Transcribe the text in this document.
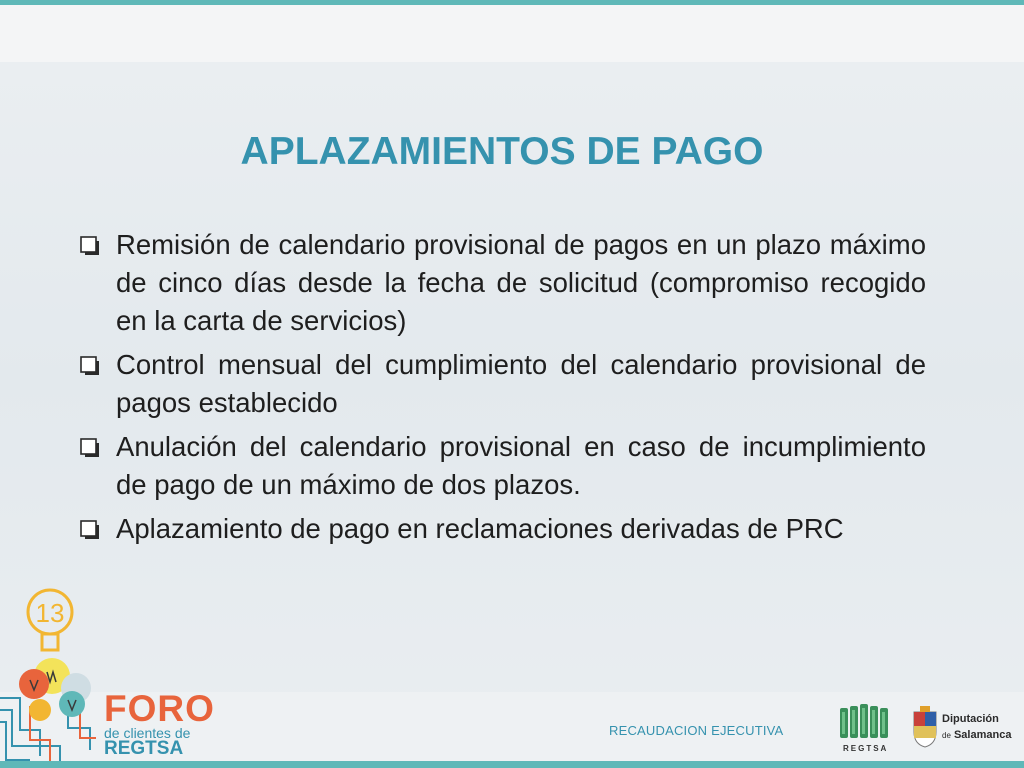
APLAZAMIENTOS DE PAGO
Remisión de calendario provisional de pagos en un plazo máximo de cinco días desde la fecha de solicitud (compromiso recogido en la carta de servicios)
Control mensual del cumplimiento del calendario provisional de pagos establecido
Anulación del calendario provisional en caso de incumplimiento de pago de un máximo de dos plazos.
Aplazamiento de pago en reclamaciones derivadas de PRC
13
FORO
de clientes de
REGTSA
RECAUDACION EJECUTIVA
REGTSA
Diputación
de Salamanca
